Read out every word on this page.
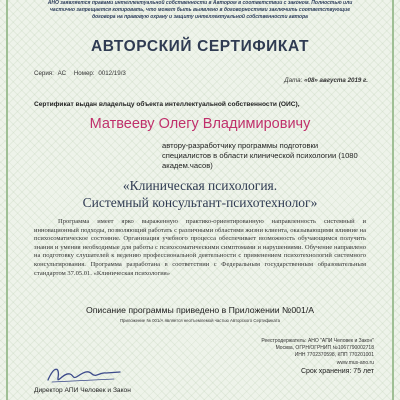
АНО заявляется правами интеллектуальной собственности в Автором в соответствии с законом. Полностью или частично запрещается копировать, что может быть выявлено в договорностями заключить соответствующие договора на правовую охрану и защиту интеллектуальной собственности автора
АВТОРСКИЙ СЕРТИФИКАТ
Серия: АС Номер: 0012/19/3
Дата: «08» августа 2019 г.
Сертификат выдан владельцу объекта интеллектуальной собственности (ОИС),
Матвееву Олегу Владимировичу
автору-разработчику программы подготовки специалистов в области клинической психологии (1080 академ.часов)
«Клиническая психология.
Системный консультант-психотехнолог»
Программа имеет ярко выраженную практико-ориентированную направленность системный и инновационный подходы, позволяющий работать с различными областями жизни клиента, оказывающими влияние на психосоматическое состояние. Организация учебного процесса обеспечивает возможность обучающимся получить знания и умения необходимые для работы с психосоматическими симптомами и нарушениями. Обучение направлено на подготовку слушателей к ведению профессиональной деятельности с применением психотехнологий системного консультирования. Программа разработана в соответствии с Федеральным государственным образовательным стандартом 37.05.01. «Клиническая психология»
Описание программы приведено в Приложении №001/А
Приложение № 001/А является неотъемлемой частью Авторского Сертификата
Реестродержатель: АНО "АПИ Человек и Закон"
Москва, ОГРН/ОГРНИП №1067790002718
ИНН 7702370598, КПП 770201001
www.mus-ano.ru
Срок хранения: 75 лет
Директор АПИ Человек и Закон
